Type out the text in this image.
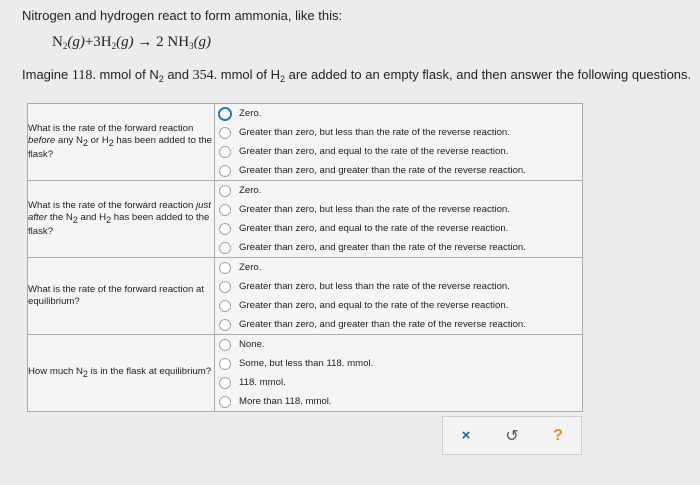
Nitrogen and hydrogen react to form ammonia, like this:
$N_2(g)+3H_2(g) \to 2$ $NH_3(g)$
Imagine 118. mmol of $N_2$ and 354. mmol of $H_2$ are added to an empty flask, and then answer the following questions.
What is the rate of the forward reaction before any N2 or H2 has been added to the flask?	Zero.
Greater than zero, but less than the rate of the reverse reaction.
Greater than zero, and equal to the rate of the reverse reaction.
Greater than zero, and greater than the rate of the reverse reaction.

What is the rate of the forward reaction just after the N2 and H2 has been added to the flask?	Zero.
Greater than zero, but less than the rate of the reverse reaction.
Greater than zero, and equal to the rate of the reverse reaction.
Greater than zero, and greater than the rate of the reverse reaction.

What is the rate of the forward reaction at equilibrium?	Zero.
Greater than zero, but less than the rate of the reverse reaction.
Greater than zero, and equal to the rate of the reverse reaction.
Greater than zero, and greater than the rate of the reverse reaction.

How much N2 is in the flask at equilibrium?	None.
Some, but less than 118. mmol.
118. mmol.
More than 118. mmol.
×	↺	?
